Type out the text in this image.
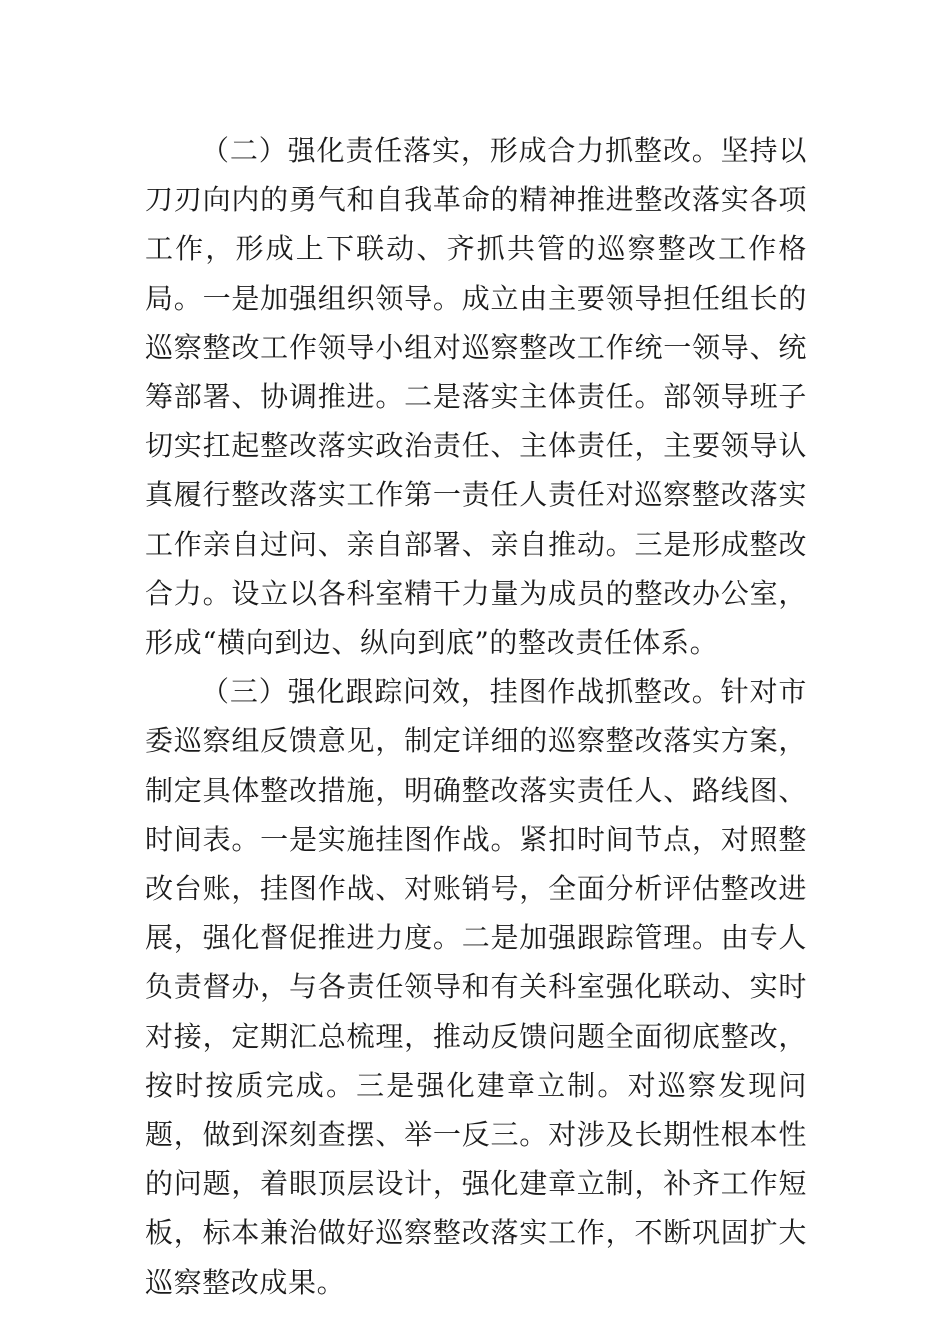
（二）强化责任落实，形成合力抓整改。坚持以刀刃向内的勇气和自我革命的精神推进整改落实各项工作，形成上下联动、齐抓共管的巡察整改工作格局。一是加强组织领导。成立由主要领导担任组长的巡察整改工作领导小组对巡察整改工作统一领导、统筹部署、协调推进。二是落实主体责任。部领导班子切实扛起整改落实政治责任、主体责任，主要领导认真履行整改落实工作第一责任人责任对巡察整改落实工作亲自过问、亲自部署、亲自推动。三是形成整改合力。设立以各科室精干力量为成员的整改办公室，形成“横向到边、纵向到底”的整改责任体系。

（三）强化跟踪问效，挂图作战抓整改。针对市委巡察组反馈意见，制定详细的巡察整改落实方案，制定具体整改措施，明确整改落实责任人、路线图、时间表。一是实施挂图作战。紧扣时间节点，对照整改台账，挂图作战、对账销号，全面分析评估整改进展，强化督促推进力度。二是加强跟踪管理。由专人负责督办，与各责任领导和有关科室强化联动、实时对接，定期汇总梳理，推动反馈问题全面彻底整改，按时按质完成。三是强化建章立制。对巡察发现问题，做到深刻查摆、举一反三。对涉及长期性根本性的问题，着眼顶层设计，强化建章立制，补齐工作短板，标本兼治做好巡察整改落实工作，不断巩固扩大巡察整改成果。
